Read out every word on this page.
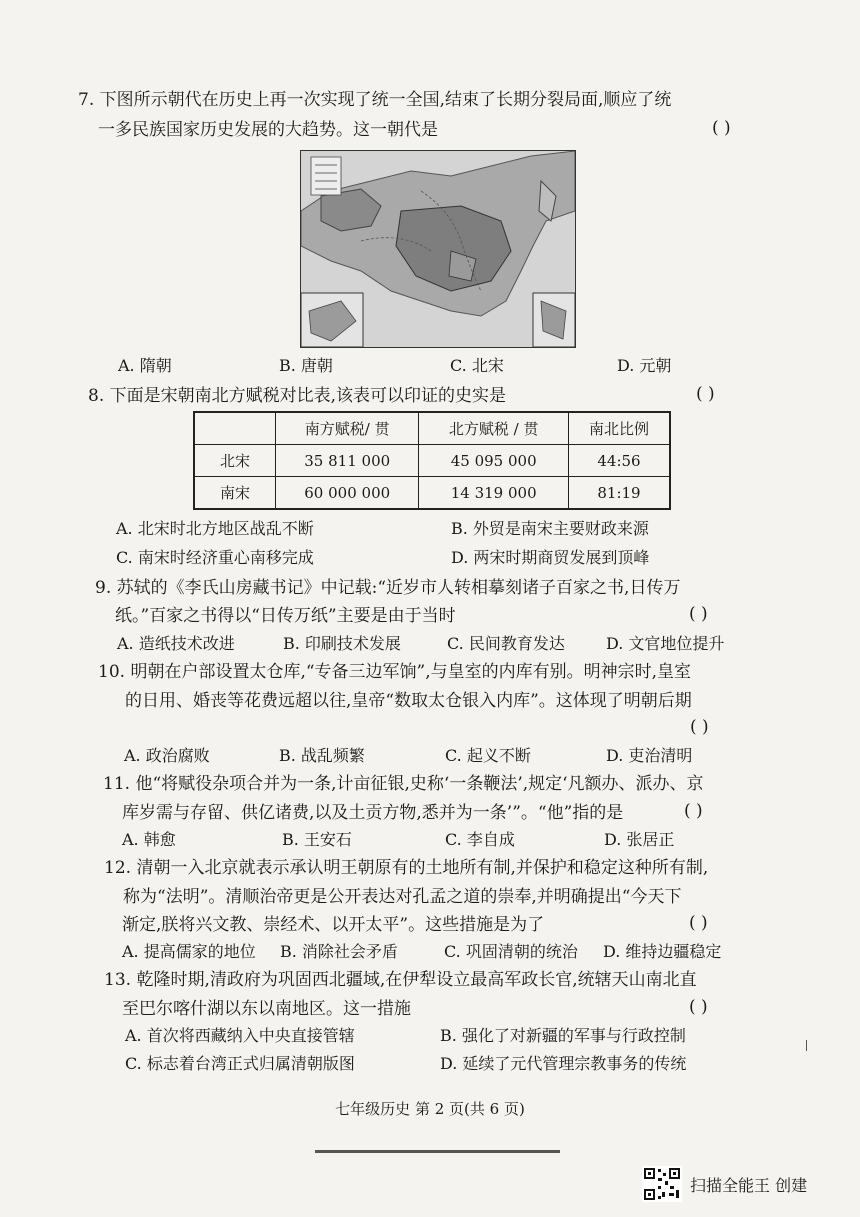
7. 下图所示朝代在历史上再一次实现了统一全国,结束了长期分裂局面,顺应了统
一多民族国家历史发展的大趋势。这一朝代是	( )
A. 隋朝	B. 唐朝	C. 北宋	D. 元朝
8. 下面是宋朝南北方赋税对比表,该表可以印证的史实是	( )
	南方赋税/ 贯	北方赋税 / 贯	南北比例
北宋	35 811 000	45 095 000	44:56
南宋	60 000 000	14 319 000	81:19
A. 北宋时北方地区战乱不断	B. 外贸是南宋主要财政来源
C. 南宋时经济重心南移完成	D. 两宋时期商贸发展到顶峰
9. 苏轼的《李氏山房藏书记》中记载:“近岁市人转相摹刻诸子百家之书,日传万
纸。”百家之书得以“日传万纸”主要是由于当时	( )
A. 造纸技术改进	B. 印刷技术发展	C. 民间教育发达	D. 文官地位提升
10. 明朝在户部设置太仓库,“专备三边军饷”,与皇室的内库有别。明神宗时,皇室
的日用、婚丧等花费远超以往,皇帝“数取太仓银入内库”。这体现了明朝后期
( )
A. 政治腐败	B. 战乱频繁	C. 起义不断	D. 吏治清明
11. 他“将赋役杂项合并为一条,计亩征银,史称‘一条鞭法’,规定‘凡额办、派办、京
库岁需与存留、供亿诸费,以及土贡方物,悉并为一条’”。“他”指的是	( )
A. 韩愈	B. 王安石	C. 李自成	D. 张居正
12. 清朝一入北京就表示承认明王朝原有的土地所有制,并保护和稳定这种所有制,
称为“法明”。清顺治帝更是公开表达对孔孟之道的崇奉,并明确提出“今天下
渐定,朕将兴文教、崇经术、以开太平”。这些措施是为了	( )
A. 提高儒家的地位 B. 消除社会矛盾	C. 巩固清朝的统治 D. 维持边疆稳定
13. 乾隆时期,清政府为巩固西北疆域,在伊犁设立最高军政长官,统辖天山南北直
至巴尔喀什湖以东以南地区。这一措施	( )
A. 首次将西藏纳入中央直接管辖	B. 强化了对新疆的军事与行政控制
C. 标志着台湾正式归属清朝版图	D. 延续了元代管理宗教事务的传统
七年级历史 第 2 页(共 6 页)
扫描全能王 创建
